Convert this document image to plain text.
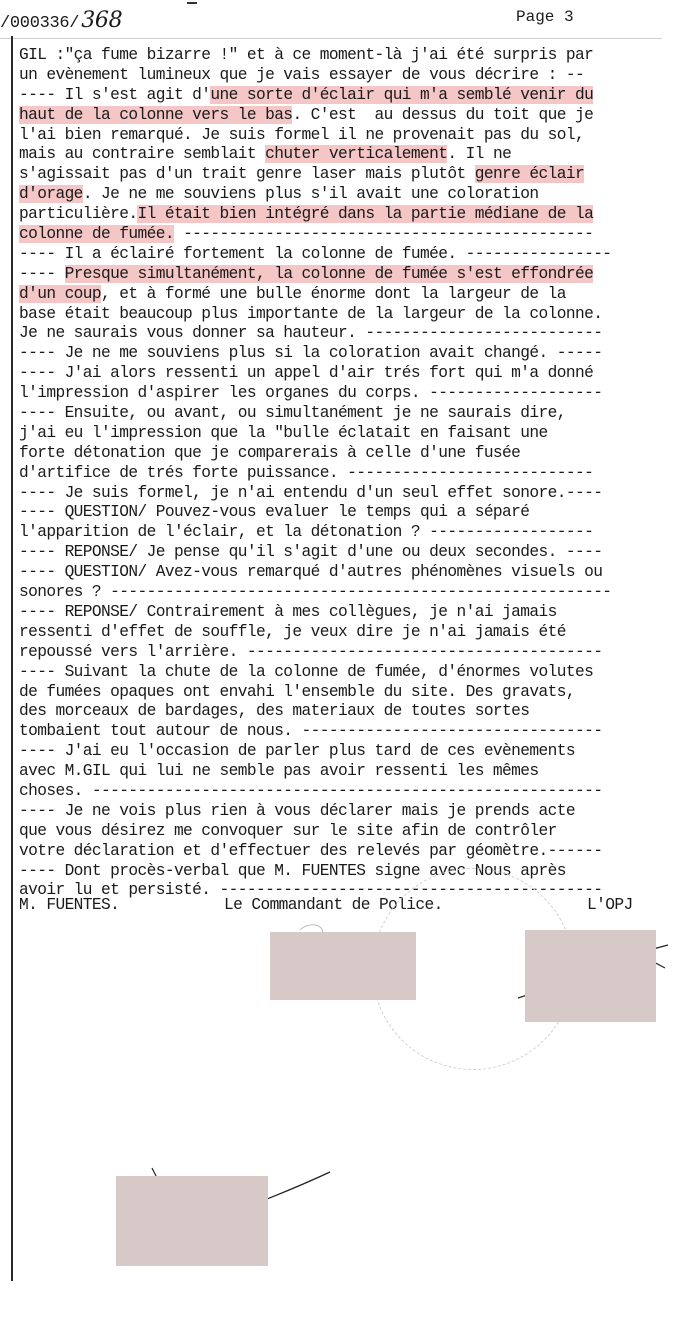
/000336/368	Page 3
GIL :"ça fume bizarre !" et à ce moment-là j'ai été surpris par
un evènement lumineux que je vais essayer de vous décrire : --
---- Il s'est agit d'une sorte d'éclair qui m'a semblé venir du
haut de la colonne vers le bas. C'est  au dessus du toit que je
l'ai bien remarqué. Je suis formel il ne provenait pas du sol,
mais au contraire semblait chuter verticalement. Il ne
s'agissait pas d'un trait genre laser mais plutôt genre éclair
d'orage. Je ne me souviens plus s'il avait une coloration
particulière.Il était bien intégré dans la partie médiane de la
colonne de fumée. ---------------------------------------------
---- Il a éclairé fortement la colonne de fumée. ----------------
---- Presque simultanément, la colonne de fumée s'est effondrée
d'un coup, et à formé une bulle énorme dont la largeur de la
base était beaucoup plus importante de la largeur de la colonne.
Je ne saurais vous donner sa hauteur. --------------------------
---- Je ne me souviens plus si la coloration avait changé. -----
---- J'ai alors ressenti un appel d'air trés fort qui m'a donné
l'impression d'aspirer les organes du corps. -------------------
---- Ensuite, ou avant, ou simultanément je ne saurais dire,
j'ai eu l'impression que la "bulle éclatait en faisant une
forte détonation que je comparerais à celle d'une fusée
d'artifice de trés forte puissance. ---------------------------
---- Je suis formel, je n'ai entendu d'un seul effet sonore.----
---- QUESTION/ Pouvez-vous evaluer le temps qui a séparé
l'apparition de l'éclair, et la détonation ? ------------------
---- REPONSE/ Je pense qu'il s'agit d'une ou deux secondes. ----
---- QUESTION/ Avez-vous remarqué d'autres phénomènes visuels ou
sonores ? -------------------------------------------------------
---- REPONSE/ Contrairement à mes collègues, je n'ai jamais
ressenti d'effet de souffle, je veux dire je n'ai jamais été
repoussé vers l'arrière. ---------------------------------------
---- Suivant la chute de la colonne de fumée, d'énormes volutes
de fumées opaques ont envahi l'ensemble du site. Des gravats,
des morceaux de bardages, des materiaux de toutes sortes
tombaient tout autour de nous. ---------------------------------
---- J'ai eu l'occasion de parler plus tard de ces evènements
avec M.GIL qui lui ne semble pas avoir ressenti les mêmes
choses. --------------------------------------------------------
---- Je ne vois plus rien à vous déclarer mais je prends acte
que vous désirez me convoquer sur le site afin de contrôler
votre déclaration et d'effectuer des relevés par géomètre.------
---- Dont procès-verbal que M. FUENTES signe avec Nous après
avoir lu et persisté. ------------------------------------------
M. FUENTES.	Le Commandant de Police.	L'OPJ
